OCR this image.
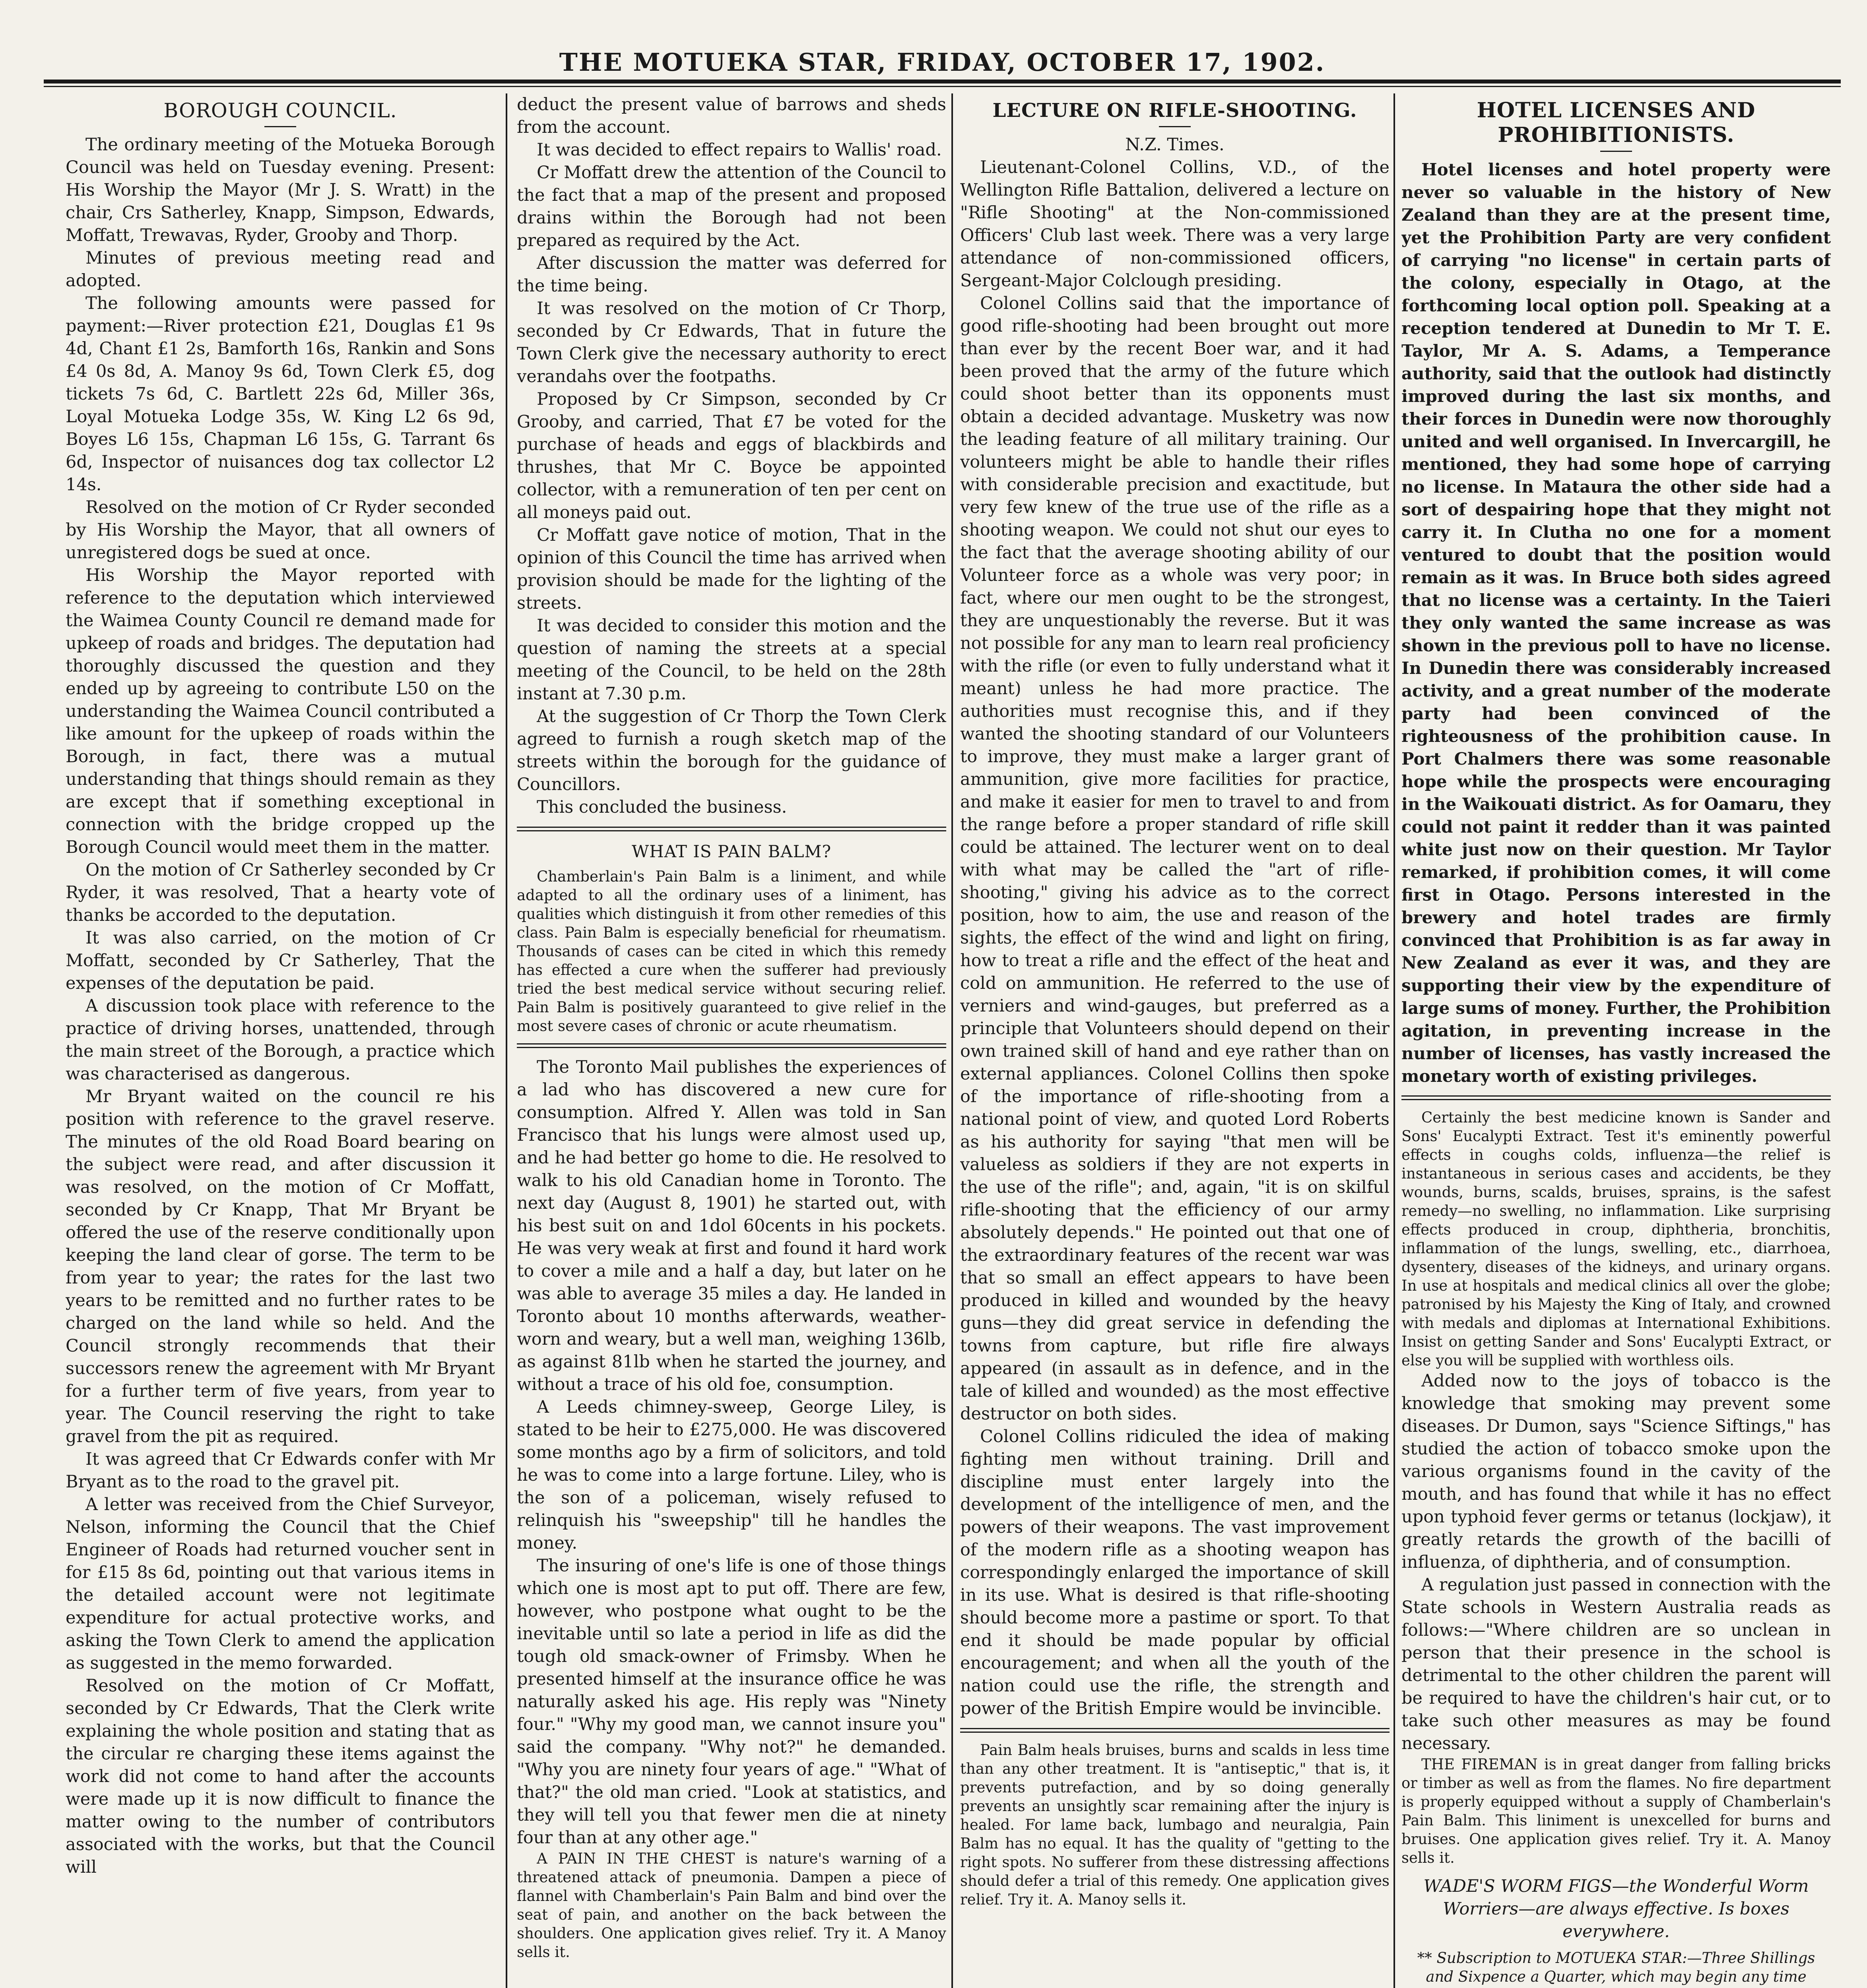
THE MOTUEKA STAR, FRIDAY, OCTOBER 17, 1902.
BOROUGH COUNCIL.

The ordinary meeting of the Motueka Borough Council was held on Tuesday evening. Present: His Worship the Mayor (Mr J. S. Wratt) in the chair, Crs Satherley, Knapp, Simpson, Edwards, Moffatt, Trewavas, Ryder, Grooby and Thorp.

Minutes of previous meeting read and adopted.

The following amounts were passed for payment:—River protection £21, Douglas £1 9s 4d, Chant £1 2s, Bamforth 16s, Rankin and Sons £4 0s 8d, A. Manoy 9s 6d, Town Clerk £5, dog tickets 7s 6d, C. Bartlett 22s 6d, Miller 36s, Loyal Motueka Lodge 35s, W. King L2 6s 9d, Boyes L6 15s, Chapman L6 15s, G. Tarrant 6s 6d, Inspector of nuisances dog tax collector L2 14s.

Resolved on the motion of Cr Ryder seconded by His Worship the Mayor, that all owners of unregistered dogs be sued at once.

His Worship the Mayor reported with reference to the deputation which interviewed the Waimea County Council re demand made for upkeep of roads and bridges. The deputation had thoroughly discussed the question and they ended up by agreeing to contribute L50 on the understanding the Waimea Council contributed a like amount for the upkeep of roads within the Borough, in fact, there was a mutual understanding that things should remain as they are except that if something exceptional in connection with the bridge cropped up the Borough Council would meet them in the matter.

On the motion of Cr Satherley seconded by Cr Ryder, it was resolved, That a hearty vote of thanks be accorded to the deputation.

It was also carried, on the motion of Cr Moffatt, seconded by Cr Satherley, That the expenses of the deputation be paid.

A discussion took place with reference to the practice of driving horses, unattended, through the main street of the Borough, a practice which was characterised as dangerous.

Mr Bryant waited on the council re his position with reference to the gravel reserve. The minutes of the old Road Board bearing on the subject were read, and after discussion it was resolved, on the motion of Cr Moffatt, seconded by Cr Knapp, That Mr Bryant be offered the use of the reserve conditionally upon keeping the land clear of gorse. The term to be from year to year; the rates for the last two years to be remitted and no further rates to be charged on the land while so held. And the Council strongly recommends that their successors renew the agreement with Mr Bryant for a further term of five years, from year to year. The Council reserving the right to take gravel from the pit as required.

It was agreed that Cr Edwards confer with Mr Bryant as to the road to the gravel pit.

A letter was received from the Chief Surveyor, Nelson, informing the Council that the Chief Engineer of Roads had returned voucher sent in for £15 8s 6d, pointing out that various items in the detailed account were not legitimate expenditure for actual protective works, and asking the Town Clerk to amend the application as suggested in the memo forwarded.

Resolved on the motion of Cr Moffatt, seconded by Cr Edwards, That the Clerk write explaining the whole position and stating that as the circular re charging these items against the work did not come to hand after the accounts were made up it is now difficult to finance the matter owing to the number of contributors associated with the works, but that the Council will

deduct the present value of barrows and sheds from the account.

It was decided to effect repairs to Wallis' road.

Cr Moffatt drew the attention of the Council to the fact that a map of the present and proposed drains within the Borough had not been prepared as required by the Act.

After discussion the matter was deferred for the time being.

It was resolved on the motion of Cr Thorp, seconded by Cr Edwards, That in future the Town Clerk give the necessary authority to erect verandahs over the footpaths.

Proposed by Cr Simpson, seconded by Cr Grooby, and carried, That £7 be voted for the purchase of heads and eggs of blackbirds and thrushes, that Mr C. Boyce be appointed collector, with a remuneration of ten per cent on all moneys paid out.

Cr Moffatt gave notice of motion, That in the opinion of this Council the time has arrived when provision should be made for the lighting of the streets.

It was decided to consider this motion and the question of naming the streets at a special meeting of the Council, to be held on the 28th instant at 7.30 p.m.

At the suggestion of Cr Thorp the Town Clerk agreed to furnish a rough sketch map of the streets within the borough for the guidance of Councillors.

This concluded the business.

WHAT IS PAIN BALM?

Chamberlain's Pain Balm is a liniment, and while adapted to all the ordinary uses of a liniment, has qualities which distinguish it from other remedies of this class. Pain Balm is especially beneficial for rheumatism. Thousands of cases can be cited in which this remedy has effected a cure when the sufferer had previously tried the best medical service without securing relief. Pain Balm is positively guaranteed to give relief in the most severe cases of chronic or acute rheumatism.

The Toronto Mail publishes the experiences of a lad who has discovered a new cure for consumption. Alfred Y. Allen was told in San Francisco that his lungs were almost used up, and he had better go home to die. He resolved to walk to his old Canadian home in Toronto. The next day (August 8, 1901) he started out, with his best suit on and 1dol 60cents in his pockets. He was very weak at first and found it hard work to cover a mile and a half a day, but later on he was able to average 35 miles a day. He landed in Toronto about 10 months afterwards, weather-worn and weary, but a well man, weighing 136lb, as against 81lb when he started the journey, and without a trace of his old foe, consumption.

A Leeds chimney-sweep, George Liley, is stated to be heir to £275,000. He was discovered some months ago by a firm of solicitors, and told he was to come into a large fortune. Liley, who is the son of a policeman, wisely refused to relinquish his "sweepship" till he handles the money.

The insuring of one's life is one of those things which one is most apt to put off. There are few, however, who postpone what ought to be the inevitable until so late a period in life as did the tough old smack-owner of Frimsby. When he presented himself at the insurance office he was naturally asked his age. His reply was "Ninety four." "Why my good man, we cannot insure you" said the company. "Why not?" he demanded. "Why you are ninety four years of age." "What of that?" the old man cried. "Look at statistics, and they will tell you that fewer men die at ninety four than at any other age."

A PAIN IN THE CHEST is nature's warning of a threatened attack of pneumonia. Dampen a piece of flannel with Chamberlain's Pain Balm and bind over the seat of pain, and another on the back between the shoulders. One application gives relief. Try it. A Manoy sells it.

LECTURE ON RIFLE-SHOOTING.

N.Z. Times.

Lieutenant-Colonel Collins, V.D., of the Wellington Rifle Battalion, delivered a lecture on "Rifle Shooting" at the Non-commissioned Officers' Club last week. There was a very large attendance of non-commissioned officers, Sergeant-Major Colclough presiding.

Colonel Collins said that the importance of good rifle-shooting had been brought out more than ever by the recent Boer war, and it had been proved that the army of the future which could shoot better than its opponents must obtain a decided advantage. Musketry was now the leading feature of all military training. Our volunteers might be able to handle their rifles with considerable precision and exactitude, but very few knew of the true use of the rifle as a shooting weapon. We could not shut our eyes to the fact that the average shooting ability of our Volunteer force as a whole was very poor; in fact, where our men ought to be the strongest, they are unquestionably the reverse. But it was not possible for any man to learn real proficiency with the rifle (or even to fully understand what it meant) unless he had more practice. The authorities must recognise this, and if they wanted the shooting standard of our Volunteers to improve, they must make a larger grant of ammunition, give more facilities for practice, and make it easier for men to travel to and from the range before a proper standard of rifle skill could be attained. The lecturer went on to deal with what may be called the "art of rifle-shooting," giving his advice as to the correct position, how to aim, the use and reason of the sights, the effect of the wind and light on firing, how to treat a rifle and the effect of the heat and cold on ammunition. He referred to the use of verniers and wind-gauges, but preferred as a principle that Volunteers should depend on their own trained skill of hand and eye rather than on external appliances. Colonel Collins then spoke of the importance of rifle-shooting from a national point of view, and quoted Lord Roberts as his authority for saying "that men will be valueless as soldiers if they are not experts in the use of the rifle"; and, again, "it is on skilful rifle-shooting that the efficiency of our army absolutely depends." He pointed out that one of the extraordinary features of the recent war was that so small an effect appears to have been produced in killed and wounded by the heavy guns—they did great service in defending the towns from capture, but rifle fire always appeared (in assault as in defence, and in the tale of killed and wounded) as the most effective destructor on both sides.

Colonel Collins ridiculed the idea of making fighting men without training. Drill and discipline must enter largely into the development of the intelligence of men, and the powers of their weapons. The vast improvement of the modern rifle as a shooting weapon has correspondingly enlarged the importance of skill in its use. What is desired is that rifle-shooting should become more a pastime or sport. To that end it should be made popular by official encouragement; and when all the youth of the nation could use the rifle, the strength and power of the British Empire would be invincible.

Pain Balm heals bruises, burns and scalds in less time than any other treatment. It is "antiseptic," that is, it prevents putrefaction, and by so doing generally prevents an unsightly scar remaining after the injury is healed. For lame back, lumbago and neuralgia, Pain Balm has no equal. It has the quality of "getting to the right spots. No sufferer from these distressing affections should defer a trial of this remedy. One application gives relief. Try it. A. Manoy sells it.

HOTEL LICENSES AND PROHIBITIONISTS.

Hotel licenses and hotel property were never so valuable in the history of New Zealand than they are at the present time, yet the Prohibition Party are very confident of carrying "no license" in certain parts of the colony, especially in Otago, at the forthcoming local option poll. Speaking at a reception tendered at Dunedin to Mr T. E. Taylor, Mr A. S. Adams, a Temperance authority, said that the outlook had distinctly improved during the last six months, and their forces in Dunedin were now thoroughly united and well organised. In Invercargill, he mentioned, they had some hope of carrying no license. In Mataura the other side had a sort of despairing hope that they might not carry it. In Clutha no one for a moment ventured to doubt that the position would remain as it was. In Bruce both sides agreed that no license was a certainty. In the Taieri they only wanted the same increase as was shown in the previous poll to have no license. In Dunedin there was considerably increased activity, and a great number of the moderate party had been convinced of the righteousness of the prohibition cause. In Port Chalmers there was some reasonable hope while the prospects were encouraging in the Waikouati district. As for Oamaru, they could not paint it redder than it was painted white just now on their question. Mr Taylor remarked, if prohibition comes, it will come first in Otago. Persons interested in the brewery and hotel trades are firmly convinced that Prohibition is as far away in New Zealand as ever it was, and they are supporting their view by the expenditure of large sums of money. Further, the Prohibition agitation, in preventing increase in the number of licenses, has vastly increased the monetary worth of existing privileges.

Certainly the best medicine known is Sander and Sons' Eucalypti Extract. Test it's eminently powerful effects in coughs colds, influenza—the relief is instantaneous in serious cases and accidents, be they wounds, burns, scalds, bruises, sprains, is the safest remedy—no swelling, no inflammation. Like surprising effects produced in croup, diphtheria, bronchitis, inflammation of the lungs, swelling, etc., diarrhoea, dysentery, diseases of the kidneys, and urinary organs. In use at hospitals and medical clinics all over the globe; patronised by his Majesty the King of Italy, and crowned with medals and diplomas at International Exhibitions. Insist on getting Sander and Sons' Eucalypti Extract, or else you will be supplied with worthless oils.

Added now to the joys of tobacco is the knowledge that smoking may prevent some diseases. Dr Dumon, says "Science Siftings," has studied the action of tobacco smoke upon the various organisms found in the cavity of the mouth, and has found that while it has no effect upon typhoid fever germs or tetanus (lockjaw), it greatly retards the growth of the bacilli of influenza, of diphtheria, and of consumption.

A regulation just passed in connection with the State schools in Western Australia reads as follows:—"Where children are so unclean in person that their presence in the school is detrimental to the other children the parent will be required to have the children's hair cut, or to take such other measures as may be found necessary.

THE FIREMAN is in great danger from falling bricks or timber as well as from the flames. No fire department is properly equipped without a supply of Chamberlain's Pain Balm. This liniment is unexcelled for burns and bruises. One application gives relief. Try it. A. Manoy sells it.

WADE'S WORM FIGS—the Wonderful Worm Worriers—are always effective. Is boxes everywhere.

** Subscription to MOTUEKA STAR:—Three Shillings and Sixpence a Quarter, which may begin any time
